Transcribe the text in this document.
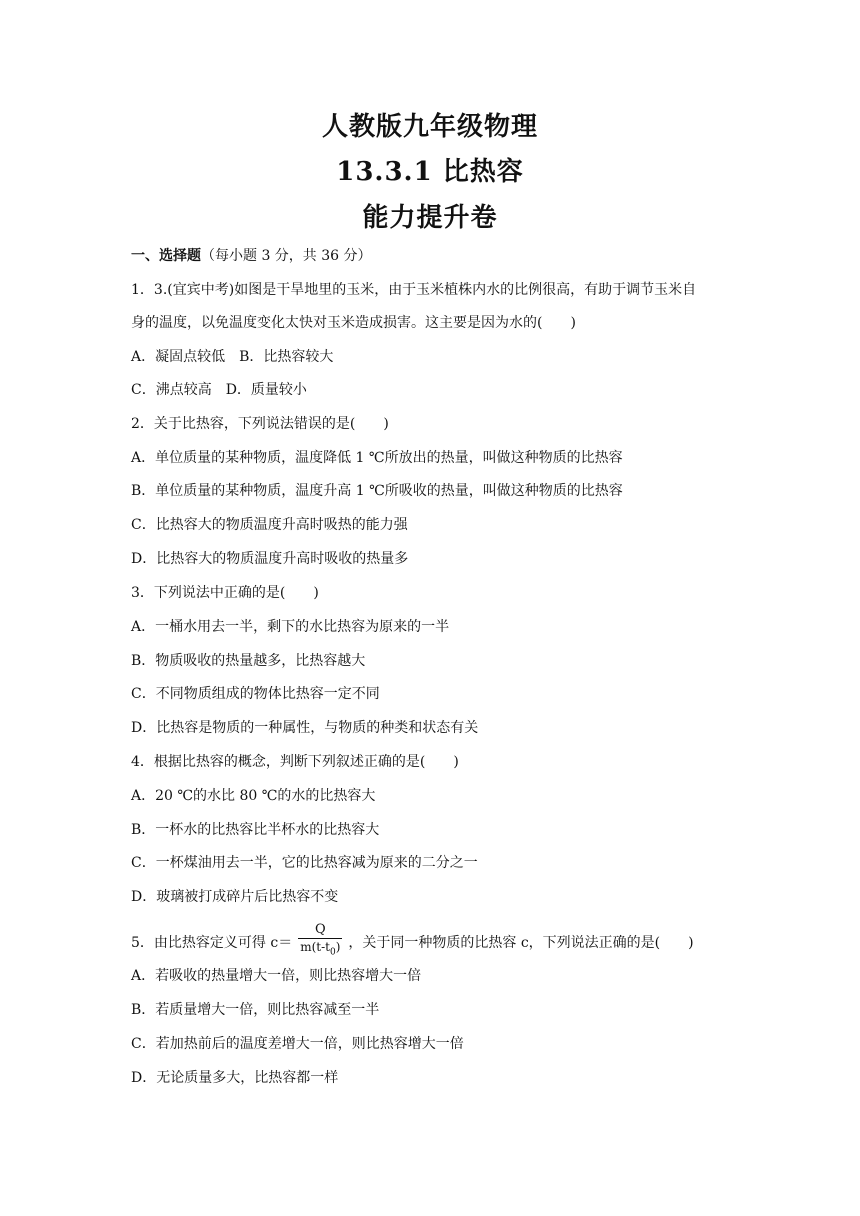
人教版九年级物理
13.3.1 比热容
能力提升卷
一、选择题（每小题 3 分，共 36 分）
1．3.(宜宾中考)如图是干旱地里的玉米，由于玉米植株内水的比例很高，有助于调节玉米自
身的温度，以免温度变化太快对玉米造成损害。这主要是因为水的(　　)
A．凝固点较低　B．比热容较大
C．沸点较高　D．质量较小
2．关于比热容，下列说法错误的是(　　)
A．单位质量的某种物质，温度降低 1 ℃所放出的热量，叫做这种物质的比热容
B．单位质量的某种物质，温度升高 1 ℃所吸收的热量，叫做这种物质的比热容
C．比热容大的物质温度升高时吸热的能力强
D．比热容大的物质温度升高时吸收的热量多
3．下列说法中正确的是(　　)
A．一桶水用去一半，剩下的水比热容为原来的一半
B．物质吸收的热量越多，比热容越大
C．不同物质组成的物体比热容一定不同
D．比热容是物质的一种属性，与物质的种类和状态有关
4．根据比热容的概念，判断下列叙述正确的是(　　)
A．20 ℃的水比 80 ℃的水的比热容大
B．一杯水的比热容比半杯水的比热容大
C．一杯煤油用去一半，它的比热容减为原来的二分之一
D．玻璃被打成碎片后比热容不变
5．由比热容定义可得 $c= \frac{Q}{m(t-t_0)}$ ，关于同一种物质的比热容 c，下列说法正确的是(　　)
A．若吸收的热量增大一倍，则比热容增大一倍
B．若质量增大一倍，则比热容减至一半
C．若加热前后的温度差增大一倍，则比热容增大一倍
D．无论质量多大，比热容都一样
